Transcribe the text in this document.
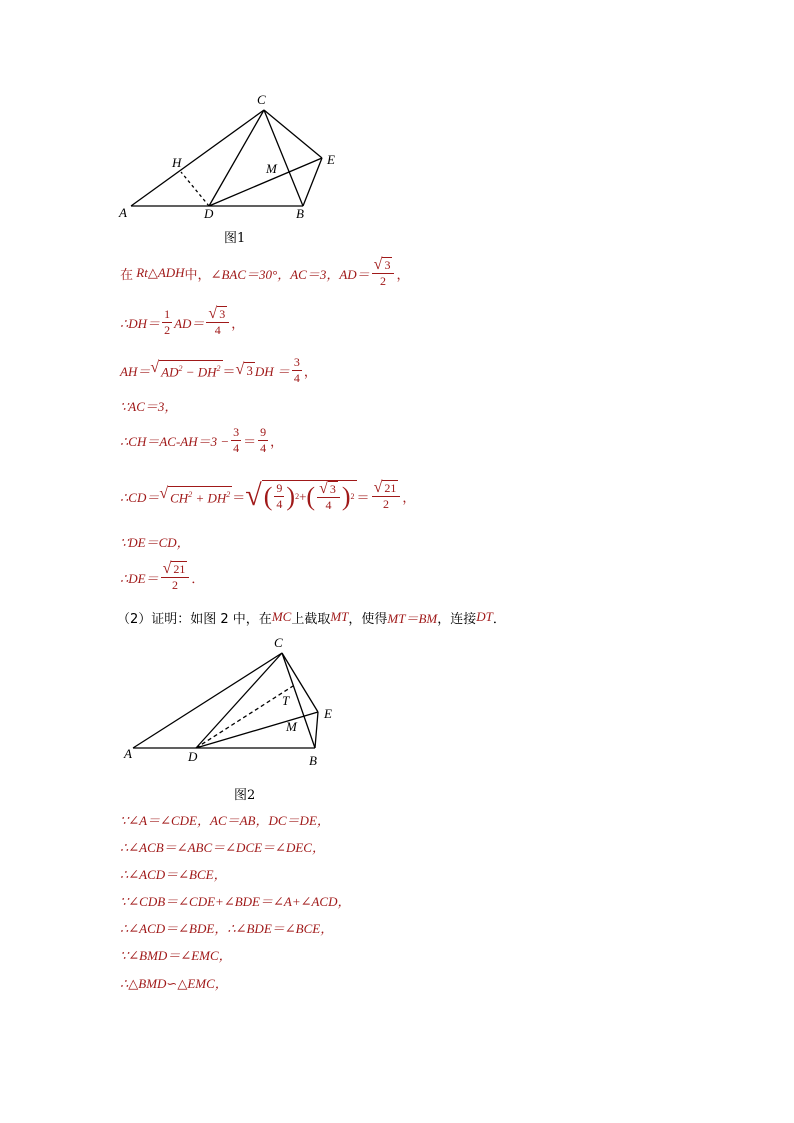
C
H	M
E
A	D	B
图1
在
Rt △ADH 中， ∠BAC＝30°，AC＝3，$AD= \frac{√ 3}{2}$ ，
∴DH＝ $\frac{1}{2} AD= \frac{√ 3}{4}$ ，
AH＝ √ $AD^2 - DH^2$ ＝ √ 3 DH ＝ $\frac{3}{4}$ ，
∵AC＝3，
∴CH＝AC-AH＝3 − $\frac{3}{4} = \frac{9}{4}$ ，
∴CD＝ √ $CH^2 + DH^2$ ＝ √ ( $\frac{9}{4}$ ) 2 + ( $\frac{√ 3}{4}$ ) $2 = \frac{√ 21}{2}$ ，
∵DE＝CD，
∴DE＝ $\frac{√ 21}{2}$ ．
（2）证明：如图 2 中，在 MC 上截取 MT ，使得 MT＝BM ，连接 DT ．
C
T
E
M
A	D	B
图2
∵∠A＝∠CDE，AC＝AB，DC＝DE，
∴∠ACB＝∠ABC＝∠DCE＝∠DEC，
∴∠ACD＝∠BCE，
∵∠CDB＝∠CDE+∠BDE＝∠A+∠ACD，
∴∠ACD＝∠BDE，∴∠BDE＝∠BCE，
∵∠BMD＝∠EMC，
∴△BMD∽△EMC，
